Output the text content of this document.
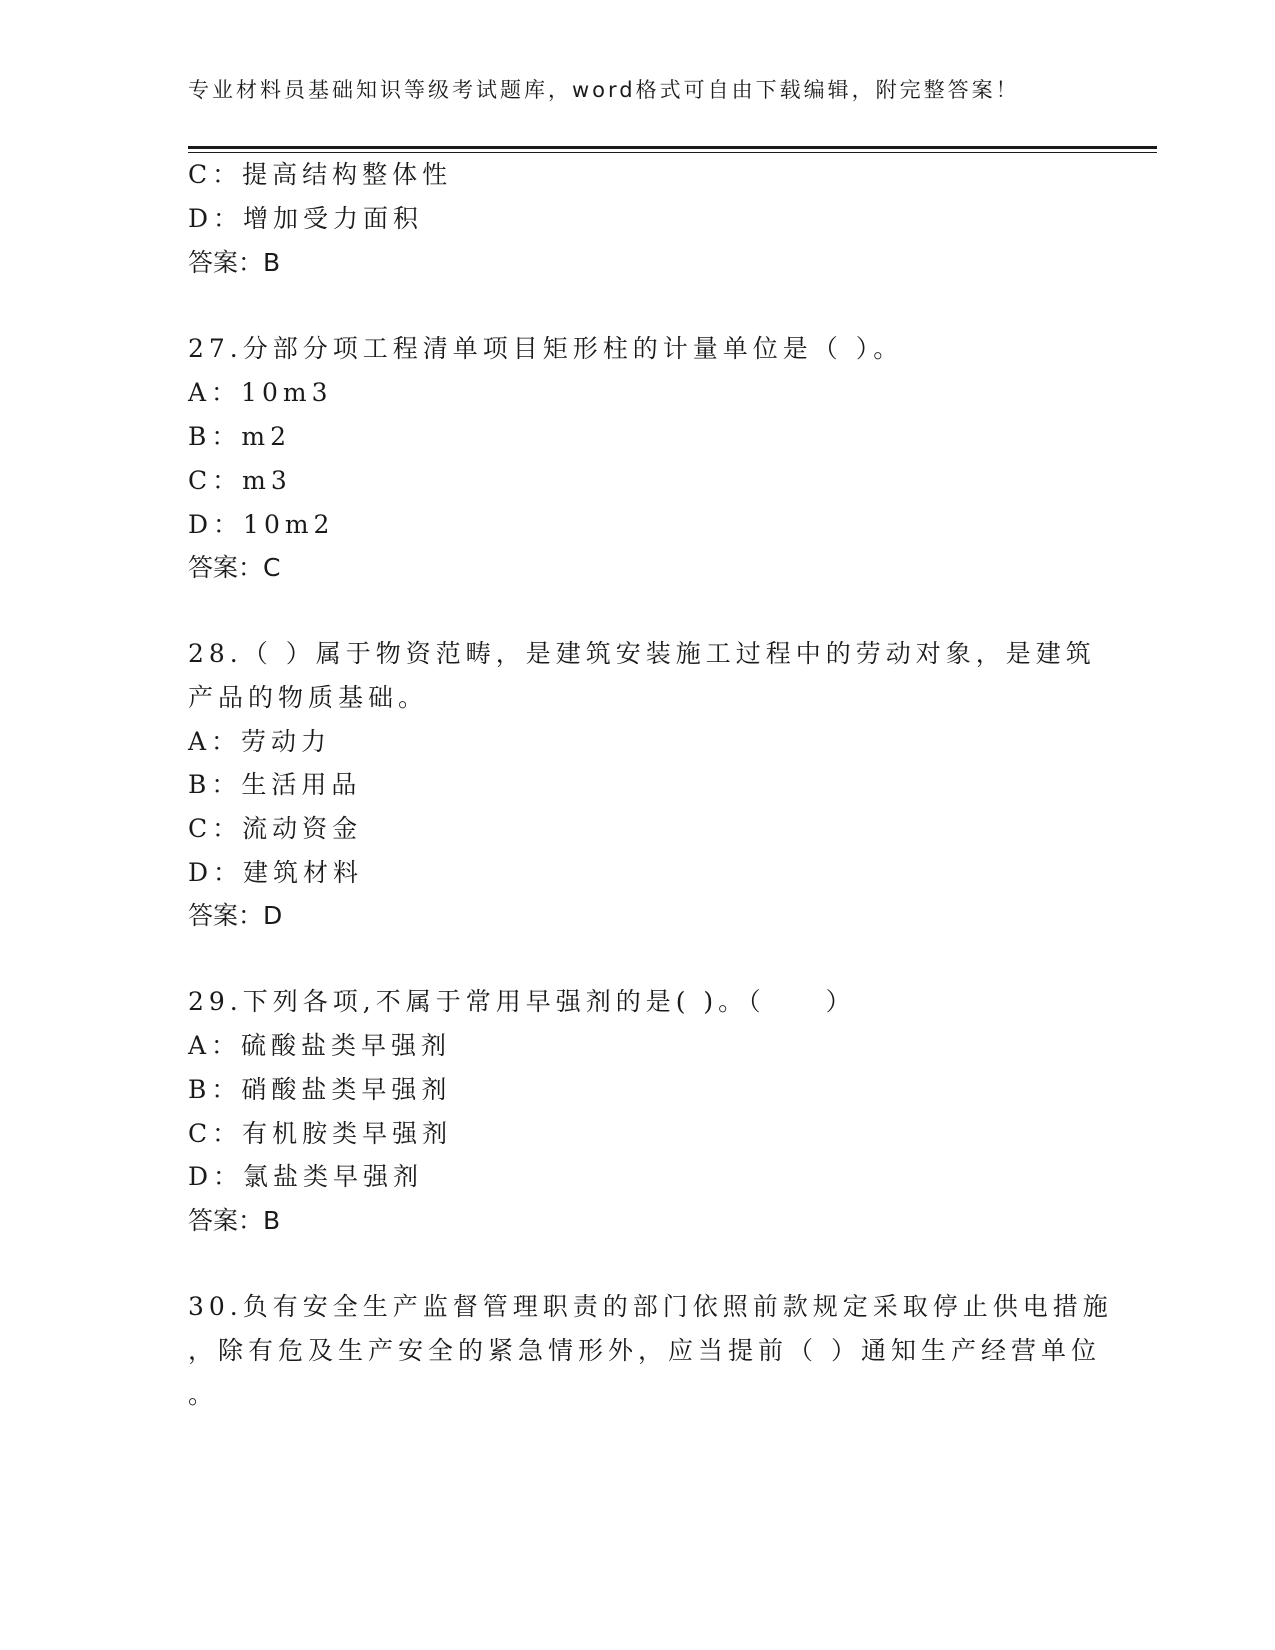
专业材料员基础知识等级考试题库，word格式可自由下载编辑，附完整答案！
C：提高结构整体性
D：增加受力面积
答案：B
27.分部分项工程清单项目矩形柱的计量单位是（ ）。
A：10m3
B：m2
C：m3
D：10m2
答案：C
28.（ ）属于物资范畴，是建筑安装施工过程中的劳动对象，是建筑
产品的物质基础。
A：劳动力
B：生活用品
C：流动资金
D：建筑材料
答案：D
29.下列各项,不属于常用早强剂的是( )。（　　）
A：硫酸盐类早强剂
B：硝酸盐类早强剂
C：有机胺类早强剂
D：氯盐类早强剂
答案：B
30.负有安全生产监督管理职责的部门依照前款规定采取停止供电措施
，除有危及生产安全的紧急情形外，应当提前（ ）通知生产经营单位
。
